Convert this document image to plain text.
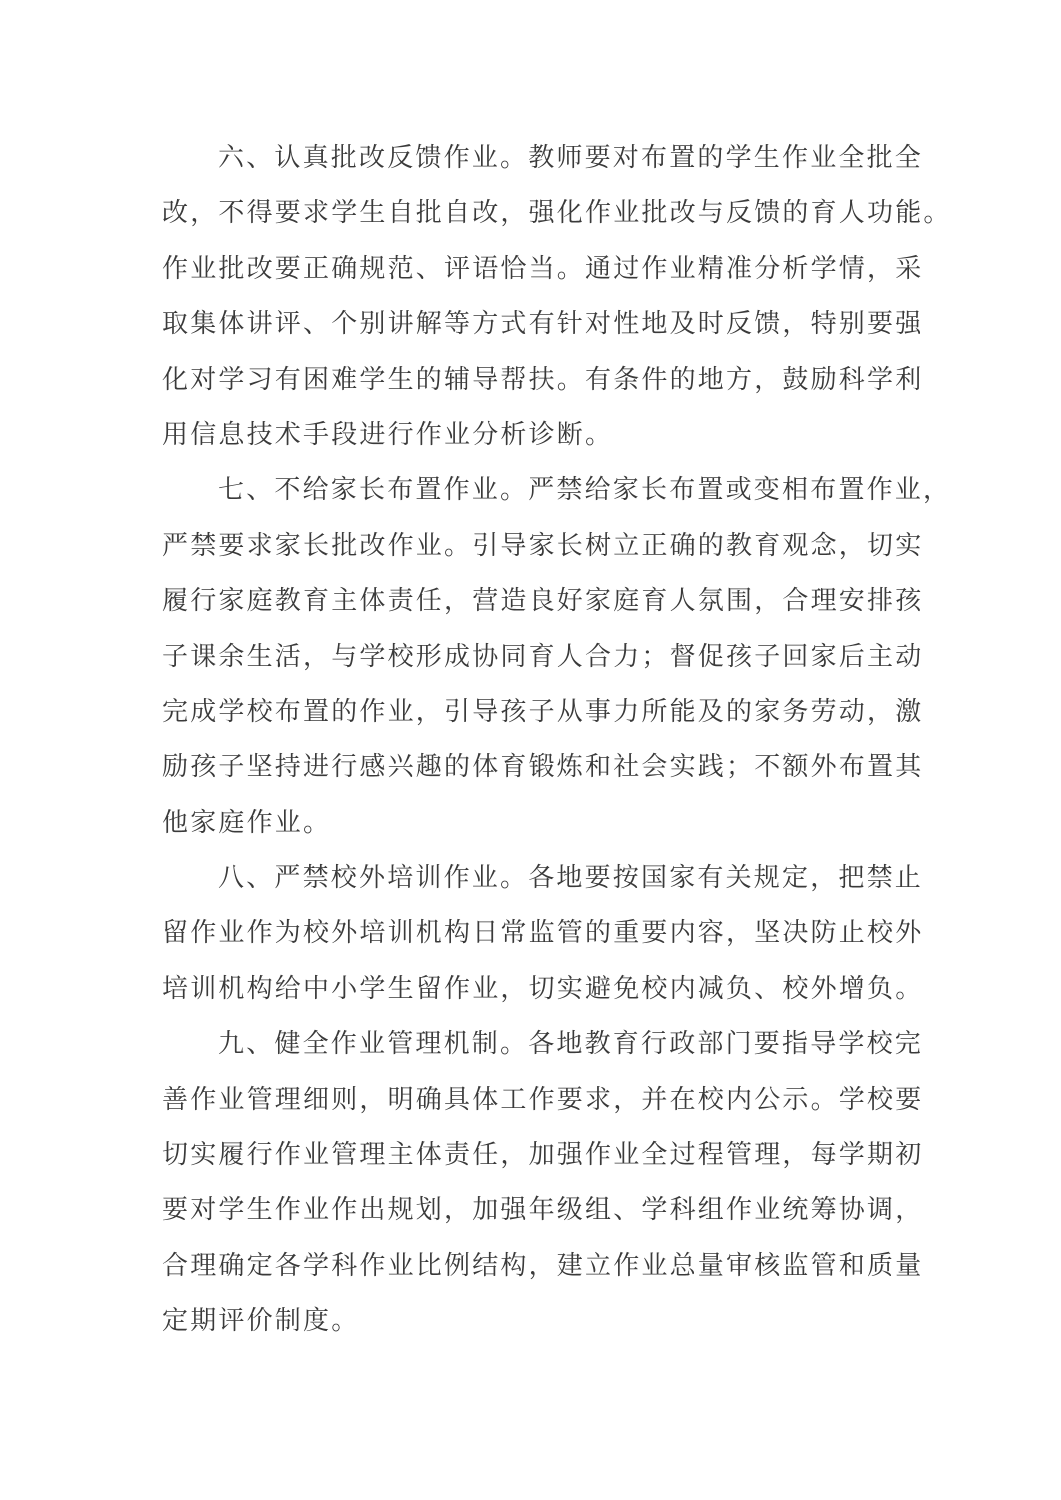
六、认真批改反馈作业。教师要对布置的学生作业全批全
改，不得要求学生自批自改，强化作业批改与反馈的育人功能。
作业批改要正确规范、评语恰当。通过作业精准分析学情，采
取集体讲评、个别讲解等方式有针对性地及时反馈，特别要强
化对学习有困难学生的辅导帮扶。有条件的地方，鼓励科学利
用信息技术手段进行作业分析诊断。
七、不给家长布置作业。严禁给家长布置或变相布置作业，
严禁要求家长批改作业。引导家长树立正确的教育观念，切实
履行家庭教育主体责任，营造良好家庭育人氛围，合理安排孩
子课余生活，与学校形成协同育人合力；督促孩子回家后主动
完成学校布置的作业，引导孩子从事力所能及的家务劳动，激
励孩子坚持进行感兴趣的体育锻炼和社会实践；不额外布置其
他家庭作业。
八、严禁校外培训作业。各地要按国家有关规定，把禁止
留作业作为校外培训机构日常监管的重要内容，坚决防止校外
培训机构给中小学生留作业，切实避免校内减负、校外增负。
九、健全作业管理机制。各地教育行政部门要指导学校完
善作业管理细则，明确具体工作要求，并在校内公示。学校要
切实履行作业管理主体责任，加强作业全过程管理，每学期初
要对学生作业作出规划，加强年级组、学科组作业统筹协调，
合理确定各学科作业比例结构，建立作业总量审核监管和质量
定期评价制度。
